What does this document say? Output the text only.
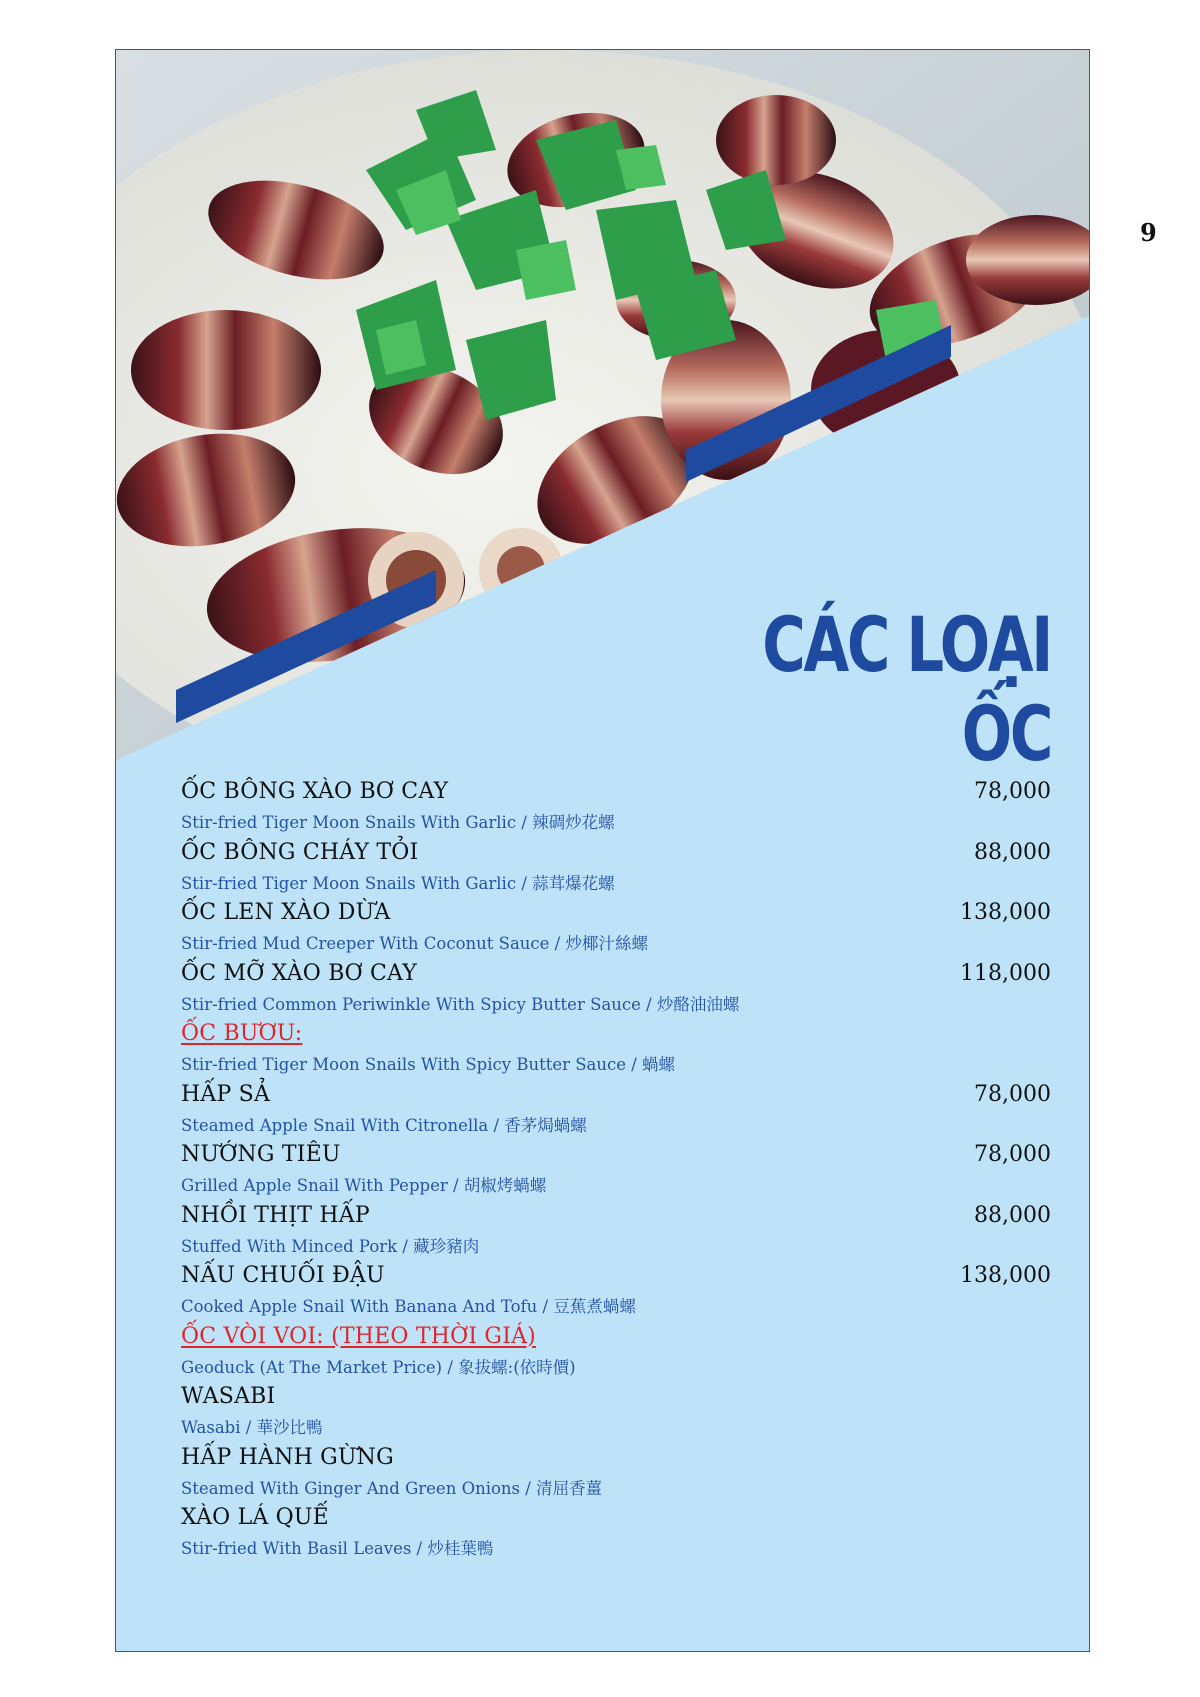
9
CÁC LOẠI ỐC
ỐC BÔNG XÀO BƠ CAY	78,000
Stir-fried Tiger Moon Snails With Garlic / 辣碉炒花螺
ỐC BÔNG CHÁY TỎI	88,000
Stir-fried Tiger Moon Snails With Garlic / 蒜茸爆花螺
ỐC LEN XÀO DỪA	138,000
Stir-fried Mud Creeper With Coconut Sauce / 炒椰汁絲螺
ỐC MỠ XÀO BƠ CAY	118,000
Stir-fried Common Periwinkle With Spicy Butter Sauce / 炒酪油油螺
ỐC BƯƠU:
Stir-fried Tiger Moon Snails With Spicy Butter Sauce / 蝸螺
HẤP SẢ	78,000
Steamed Apple Snail With Citronella / 香茅焗蝸螺
NƯỚNG TIÊU	78,000
Grilled Apple Snail With Pepper / 胡椒烤蝸螺
NHỒI THỊT HẤP	88,000
Stuffed With Minced Pork / 藏珍豬肉
NẤU CHUỐI ĐẬU	138,000
Cooked Apple Snail With Banana And Tofu / 豆蕉煮蝸螺
ỐC VÒI VOI: (THEO THỜI GIÁ)
Geoduck (At The Market Price) / 象拔螺:(依時價)
WASABI
Wasabi / 華沙比鴨
HẤP HÀNH GỪNG
Steamed With Ginger And Green Onions / 清屈香薑
XÀO LÁ QUẾ
Stir-fried With Basil Leaves / 炒桂葉鴨
